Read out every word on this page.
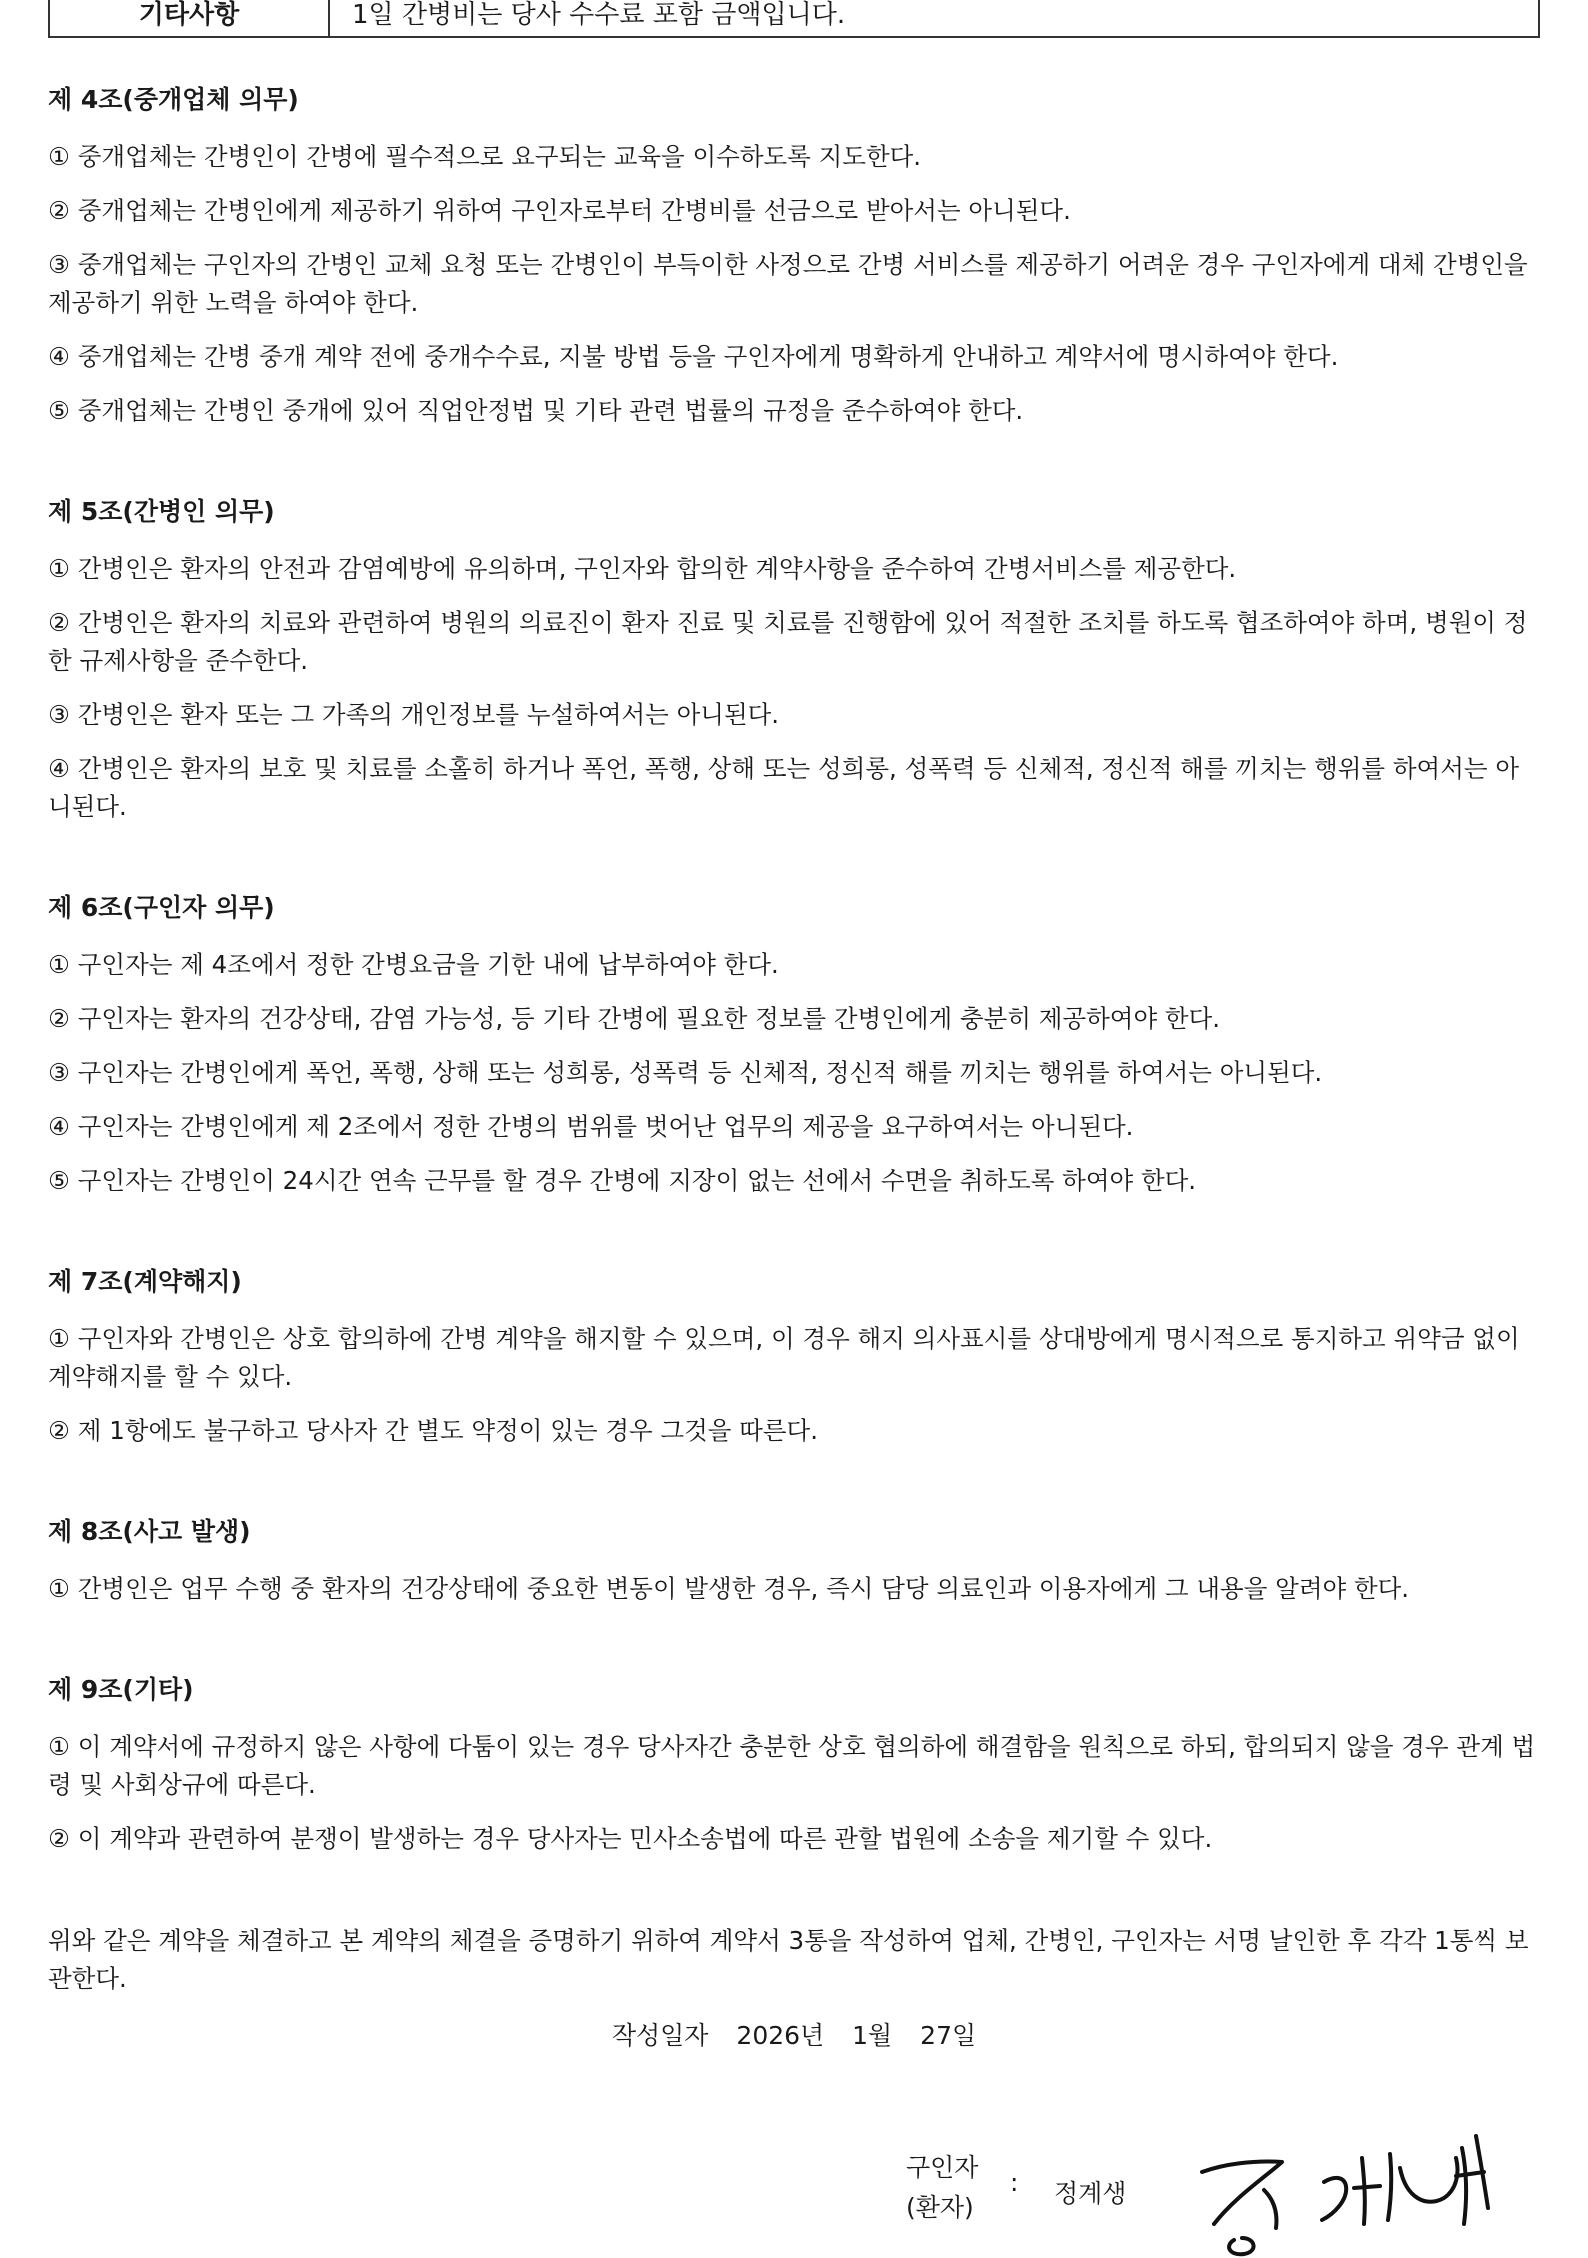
기타사항	1일 간병비는 당사 수수료 포함 금액입니다.
제 4조(중개업체 의무)
① 중개업체는 간병인이 간병에 필수적으로 요구되는 교육을 이수하도록 지도한다.
② 중개업체는 간병인에게 제공하기 위하여 구인자로부터 간병비를 선금으로 받아서는 아니된다.
③ 중개업체는 구인자의 간병인 교체 요청 또는 간병인이 부득이한 사정으로 간병 서비스를 제공하기 어려운 경우 구인자에게 대체 간병인을 제공하기 위한 노력을 하여야 한다.
④ 중개업체는 간병 중개 계약 전에 중개수수료, 지불 방법 등을 구인자에게 명확하게 안내하고 계약서에 명시하여야 한다.
⑤ 중개업체는 간병인 중개에 있어 직업안정법 및 기타 관련 법률의 규정을 준수하여야 한다.
제 5조(간병인 의무)
① 간병인은 환자의 안전과 감염예방에 유의하며, 구인자와 합의한 계약사항을 준수하여 간병서비스를 제공한다.
② 간병인은 환자의 치료와 관련하여 병원의 의료진이 환자 진료 및 치료를 진행함에 있어 적절한 조치를 하도록 협조하여야 하며, 병원이 정한 규제사항을 준수한다.
③ 간병인은 환자 또는 그 가족의 개인정보를 누설하여서는 아니된다.
④ 간병인은 환자의 보호 및 치료를 소홀히 하거나 폭언, 폭행, 상해 또는 성희롱, 성폭력 등 신체적, 정신적 해를 끼치는 행위를 하여서는 아니된다.
제 6조(구인자 의무)
① 구인자는 제 4조에서 정한 간병요금을 기한 내에 납부하여야 한다.
② 구인자는 환자의 건강상태, 감염 가능성, 등 기타 간병에 필요한 정보를 간병인에게 충분히 제공하여야 한다.
③ 구인자는 간병인에게 폭언, 폭행, 상해 또는 성희롱, 성폭력 등 신체적, 정신적 해를 끼치는 행위를 하여서는 아니된다.
④ 구인자는 간병인에게 제 2조에서 정한 간병의 범위를 벗어난 업무의 제공을 요구하여서는 아니된다.
⑤ 구인자는 간병인이 24시간 연속 근무를 할 경우 간병에 지장이 없는 선에서 수면을 취하도록 하여야 한다.
제 7조(계약해지)
① 구인자와 간병인은 상호 합의하에 간병 계약을 해지할 수 있으며, 이 경우 해지 의사표시를 상대방에게 명시적으로 통지하고 위약금 없이 계약해지를 할 수 있다.
② 제 1항에도 불구하고 당사자 간 별도 약정이 있는 경우 그것을 따른다.
제 8조(사고 발생)
① 간병인은 업무 수행 중 환자의 건강상태에 중요한 변동이 발생한 경우, 즉시 담당 의료인과 이용자에게 그 내용을 알려야 한다.
제 9조(기타)
① 이 계약서에 규정하지 않은 사항에 다툼이 있는 경우 당사자간 충분한 상호 협의하에 해결함을 원칙으로 하되, 합의되지 않을 경우 관계 법령 및 사회상규에 따른다.
② 이 계약과 관련하여 분쟁이 발생하는 경우 당사자는 민사소송법에 따른 관할 법원에 소송을 제기할 수 있다.
위와 같은 계약을 체결하고 본 계약의 체결을 증명하기 위하여 계약서 3통을 작성하여 업체, 간병인, 구인자는 서명 날인한 후 각각 1통씩 보관한다.
작성일자 2026년 1월 27일
구인자
(환자)
: 정계생
